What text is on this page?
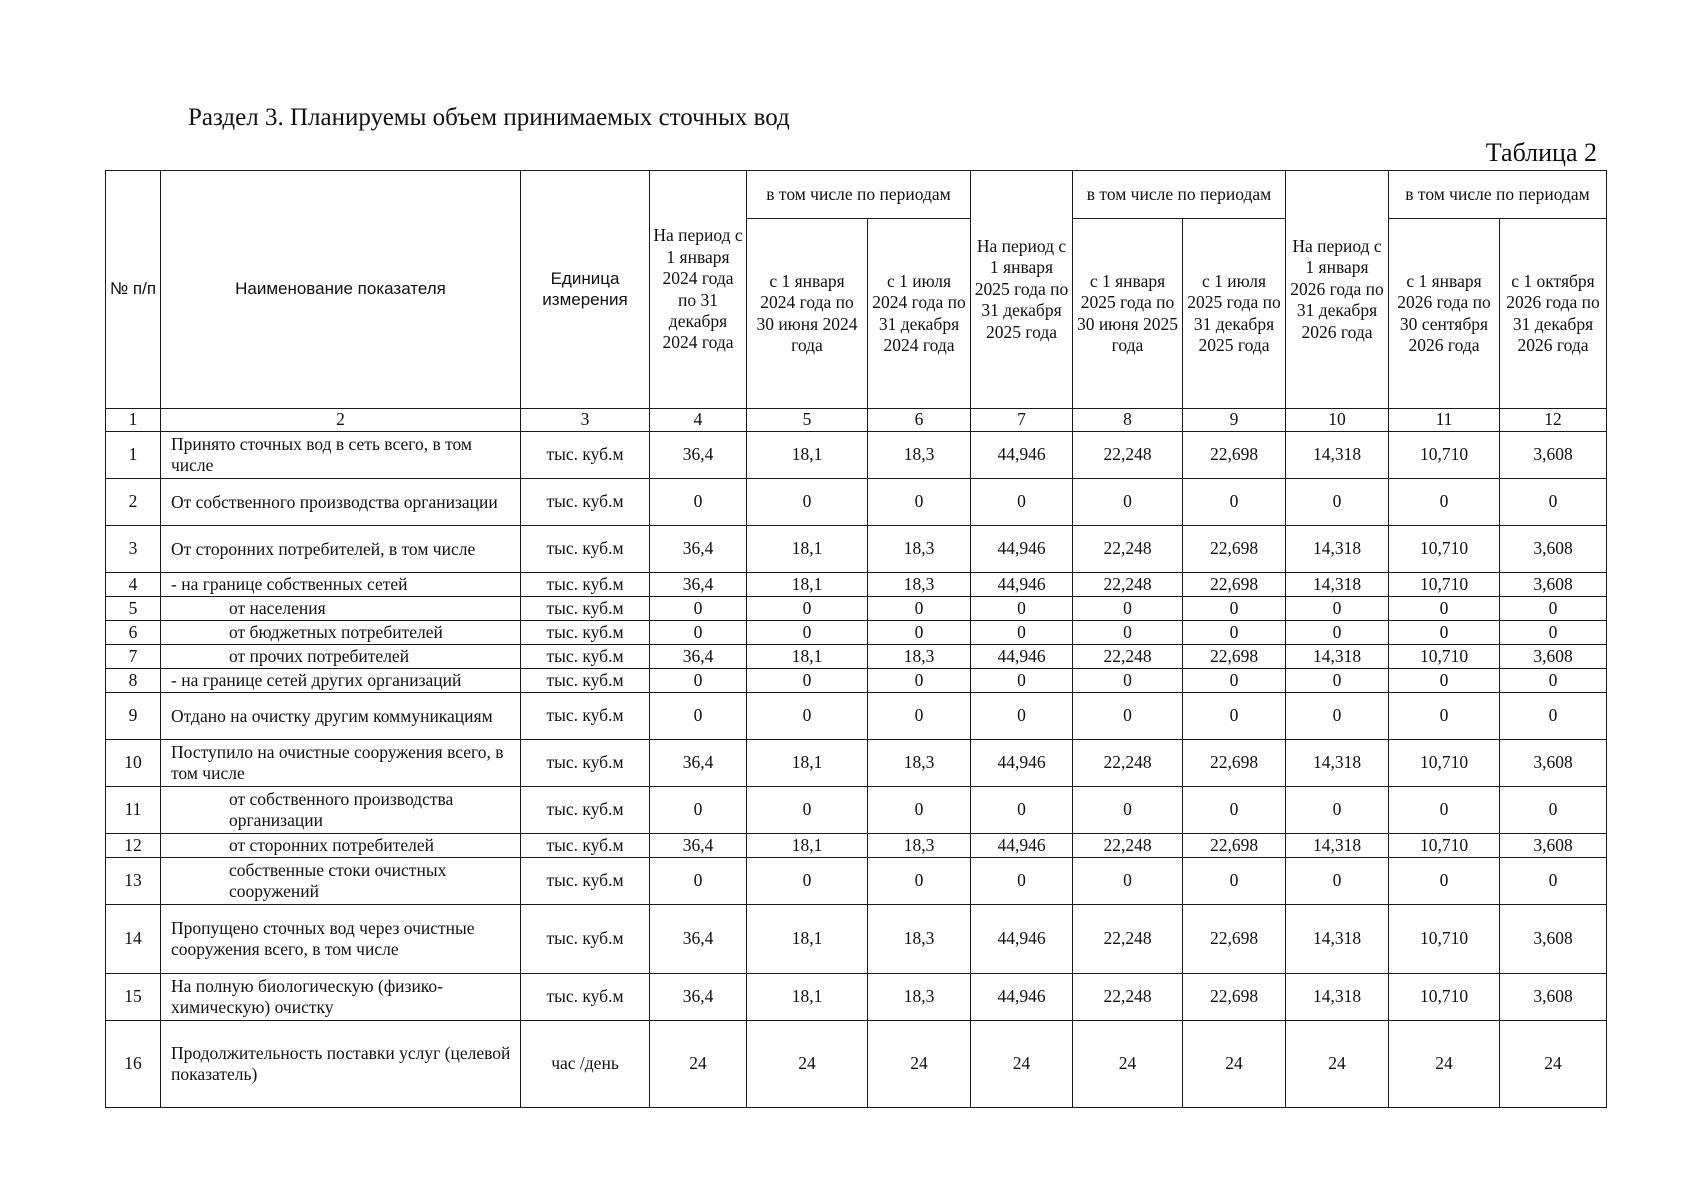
Раздел 3. Планируемы объем принимаемых сточных вод
Таблица 2
№ п/п	Наименование показателя	Единица измерения	На период с 1 января 2024 года по 31 декабря 2024 года	в том числе по периодам		На период с 1 января 2025 года по 31 декабря 2025 года	в том числе по периодам		На период с 1 января 2026 года по 31 декабря 2026 года	в том числе по периодам	
				с 1 января 2024 года по 30 июня 2024 года	с 1 июля 2024 года по 31 декабря 2024 года		с 1 января 2025 года по 30 июня 2025 года	с 1 июля 2025 года по 31 декабря 2025 года		с 1 января 2026 года по 30 сентября 2026 года	с 1 октября 2026 года по 31 декабря 2026 года
1	2	3	4	5	6	7	8	9	10	11	12
1	Принято сточных вод в сеть всего, в том числе	тыс. куб.м	36,4	18,1	18,3	44,946	22,248	22,698	14,318	10,710	3,608
2	От собственного производства организации	тыс. куб.м	0	0	0	0	0	0	0	0	0
3	От сторонних потребителей, в том числе	тыс. куб.м	36,4	18,1	18,3	44,946	22,248	22,698	14,318	10,710	3,608
4	- на границе собственных сетей	тыс. куб.м	36,4	18,1	18,3	44,946	22,248	22,698	14,318	10,710	3,608
5	от населения	тыс. куб.м	0	0	0	0	0	0	0	0	0
6	от бюджетных потребителей	тыс. куб.м	0	0	0	0	0	0	0	0	0
7	от прочих потребителей	тыс. куб.м	36,4	18,1	18,3	44,946	22,248	22,698	14,318	10,710	3,608
8	- на границе сетей других организаций	тыс. куб.м	0	0	0	0	0	0	0	0	0
9	Отдано на очистку другим коммуникациям	тыс. куб.м	0	0	0	0	0	0	0	0	0
10	Поступило на очистные сооружения всего, в том числе	тыс. куб.м	36,4	18,1	18,3	44,946	22,248	22,698	14,318	10,710	3,608
11	от собственного производства организации	тыс. куб.м	0	0	0	0	0	0	0	0	0
12	от сторонних потребителей	тыс. куб.м	36,4	18,1	18,3	44,946	22,248	22,698	14,318	10,710	3,608
13	собственные стоки очистных сооружений	тыс. куб.м	0	0	0	0	0	0	0	0	0
14	Пропущено сточных вод через очистные сооружения всего, в том числе	тыс. куб.м	36,4	18,1	18,3	44,946	22,248	22,698	14,318	10,710	3,608
15	На полную биологическую (физико-химическую) очистку	тыс. куб.м	36,4	18,1	18,3	44,946	22,248	22,698	14,318	10,710	3,608
16	Продолжительность поставки услуг (целевой показатель)	час /день	24	24	24	24	24	24	24	24	24
